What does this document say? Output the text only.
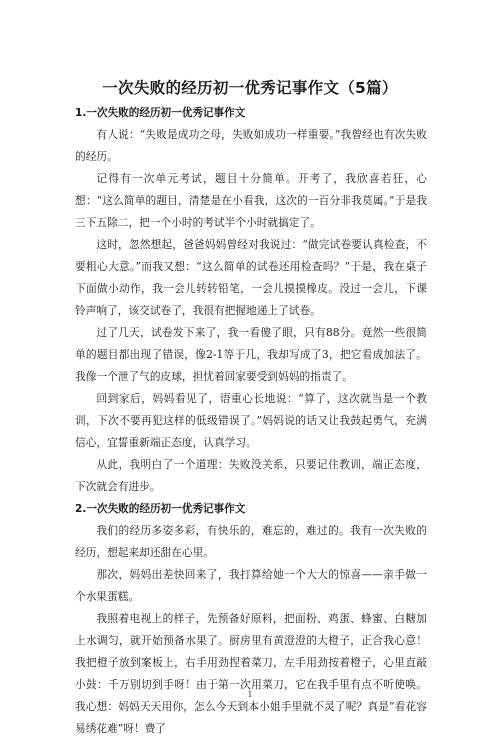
一次失败的经历初一优秀记事作文（5篇）

1.一次失败的经历初一优秀记事作文

有人说：“失败是成功之母，失败如成功一样重要。”我曾经也有次失败的经历。

记得有一次单元考试，题目十分简单。开考了，我欣喜若狂，心想：“这么简单的题目，清楚是在小看我，这次的一百分非我莫属。”于是我三下五除二，把一个小时的考试半个小时就搞定了。

这时，忽然想起，爸爸妈妈曾经对我说过：“做完试卷要认真检查，不要粗心大意。”而我又想：“这么简单的试卷还用检查吗？”于是，我在桌子下面做小动作，我一会儿转转铅笔，一会儿摸摸橡皮。没过一会儿，下课铃声响了，该交试卷了，我很有把握地递上了试卷。

过了几天，试卷发下来了，我一看傻了眼，只有88分。竟然一些很简单的题目都出现了错误，像2-1等于几，我却写成了3，把它看成加法了。我像一个泄了气的皮球，担忧着回家要受到妈妈的指责了。

回到家后，妈妈看见了，语重心长地说：“算了，这次就当是一个教训，下次不要再犯这样的低级错误了。”妈妈说的话又让我鼓起勇气，充满信心，宜誓重新端正态度，认真学习。

从此，我明白了一个道理：失败没关系，只要记住教训，端正态度，下次就会有进步。

2.一次失败的经历初一优秀记事作文

我们的经历多姿多彩，有快乐的，难忘的，难过的。我有一次失败的经历，想起来却还甜在心里。

那次，妈妈出差快回来了，我打算给她一个大大的惊喜——亲手做一个水果蛋糕。

我照着电视上的样子，先预备好原料，把面粉、鸡蛋、蜂蜜、白糖加上水调匀，就开始预备水果了。厨房里有黄澄澄的大橙子，正合我心意！我把橙子放到案板上，右手用劲捏着菜刀，左手用劲按着橙子，心里直敲小鼓：千万别切到手呀！由于第一次用菜刀，它在我手里有点不听使唤。我心想：妈妈天天用你，怎么今天到本小姐手里就不灵了呢？真是“看花容易绣花难”呀！费了

1
